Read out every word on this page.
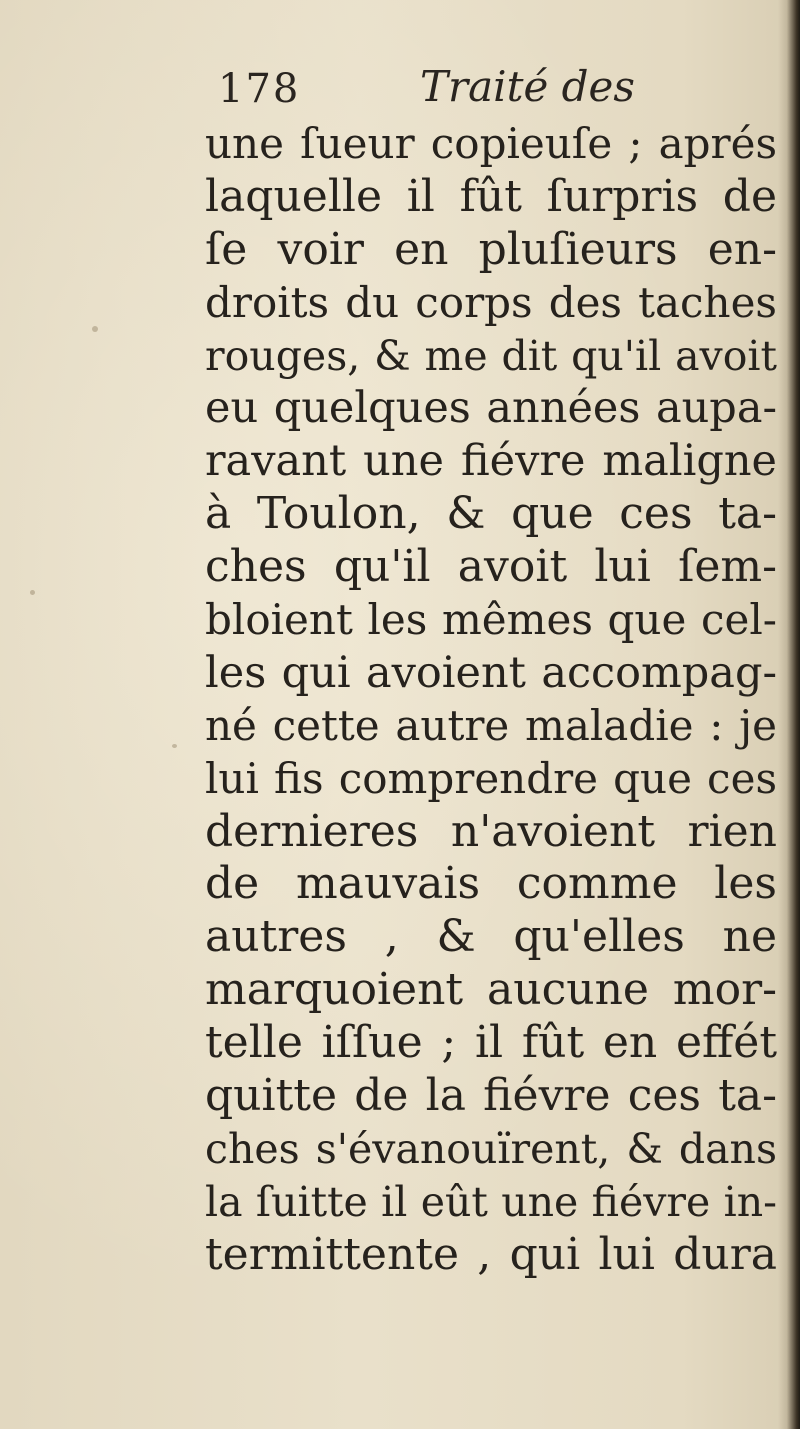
178	Traité des
une ſueur copieuſe ; aprés
laquelle il fût ſurpris de
ſe voir en pluſieurs en-
droits du corps des taches
rouges, & me dit qu'il avoit
eu quelques années aupa-
ravant une fiévre maligne
à Toulon, & que ces ta-
ches qu'il avoit lui ſem-
bloient les mêmes que cel-
les qui avoient accompag-
né cette autre maladie : je
lui fis comprendre que ces
dernieres n'avoient rien
de mauvais comme les
autres , & qu'elles ne
marquoient aucune mor-
telle iſſue ; il fût en effét
quitte de la fiévre ces ta-
ches s'évanouïrent, & dans
la ſuitte il eût une fiévre in-
termittente , qui lui dura
